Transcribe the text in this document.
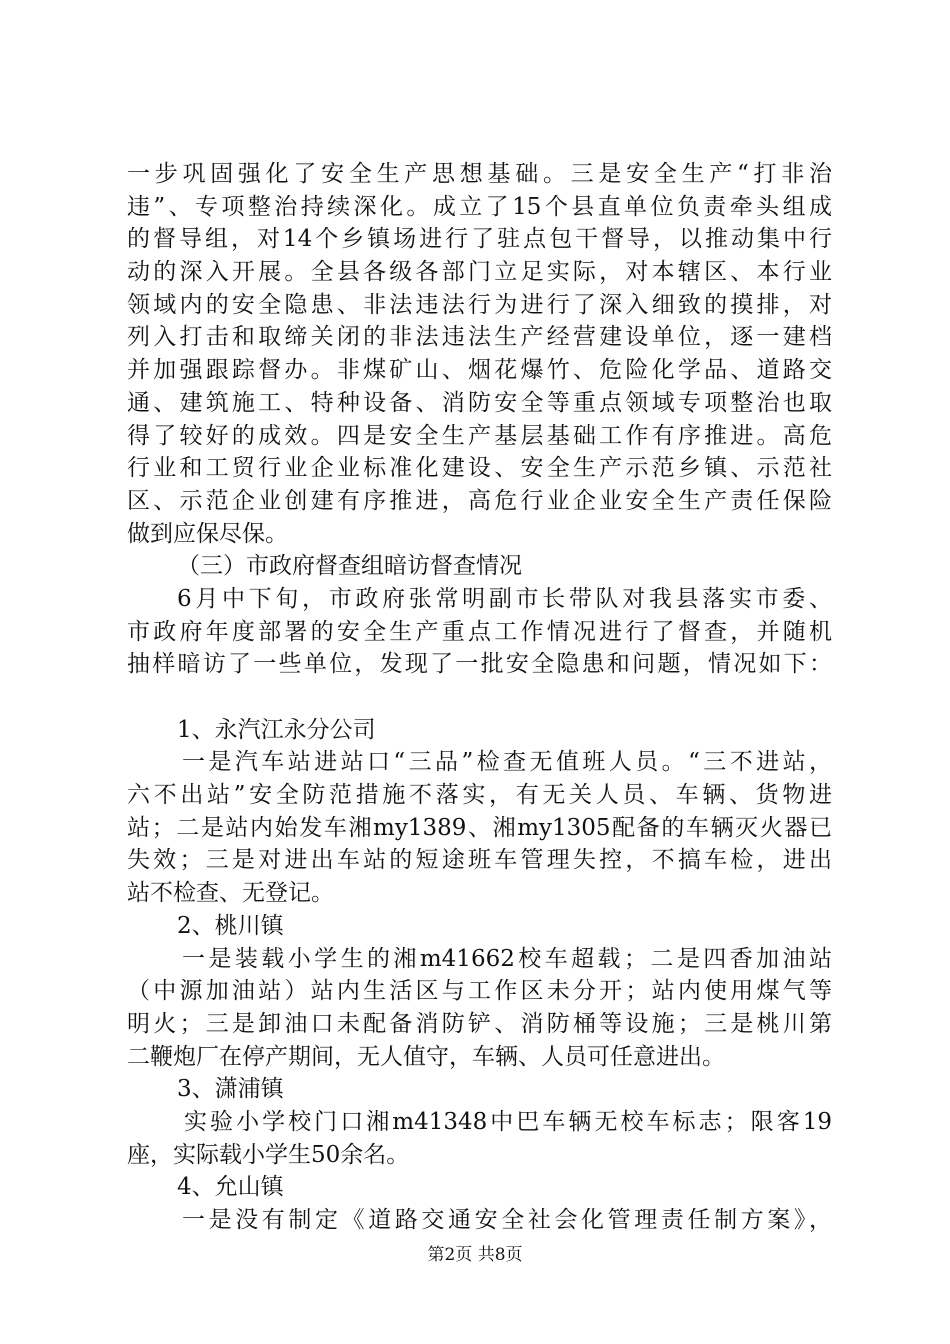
一步巩固强化了安全生产思想基础。三是安全生产“打非治
违”、专项整治持续深化。成立了15个县直单位负责牵头组成
的督导组，对14个乡镇场进行了驻点包干督导，以推动集中行
动的深入开展。全县各级各部门立足实际，对本辖区、本行业
领域内的安全隐患、非法违法行为进行了深入细致的摸排，对
列入打击和取缔关闭的非法违法生产经营建设单位，逐一建档
并加强跟踪督办。非煤矿山、烟花爆竹、危险化学品、道路交
通、建筑施工、特种设备、消防安全等重点领域专项整治也取
得了较好的成效。四是安全生产基层基础工作有序推进。高危
行业和工贸行业企业标准化建设、安全生产示范乡镇、示范社
区、示范企业创建有序推进，高危行业企业安全生产责任保险
做到应保尽保。
（三）市政府督查组暗访督查情况
6月中下旬，市政府张常明副市长带队对我县落实市委、
市政府年度部署的安全生产重点工作情况进行了督查，并随机
抽样暗访了一些单位，发现了一批安全隐患和问题，情况如下：
1、永汽江永分公司
一是汽车站进站口“三品”检查无值班人员。“三不进站，
六不出站”安全防范措施不落实，有无关人员、车辆、货物进
站；二是站内始发车湘my1389、湘my1305配备的车辆灭火器已
失效；三是对进出车站的短途班车管理失控，不搞车检，进出
站不检查、无登记。
2、桃川镇
一是装载小学生的湘m41662校车超载；二是四香加油站
（中源加油站）站内生活区与工作区未分开；站内使用煤气等
明火；三是卸油口未配备消防铲、消防桶等设施；三是桃川第
二鞭炮厂在停产期间，无人值守，车辆、人员可任意进出。
3、潇浦镇
实验小学校门口湘m41348中巴车辆无校车标志；限客19
座，实际载小学生50余名。
4、允山镇
一是没有制定《道路交通安全社会化管理责任制方案》，
第2页 共8页
